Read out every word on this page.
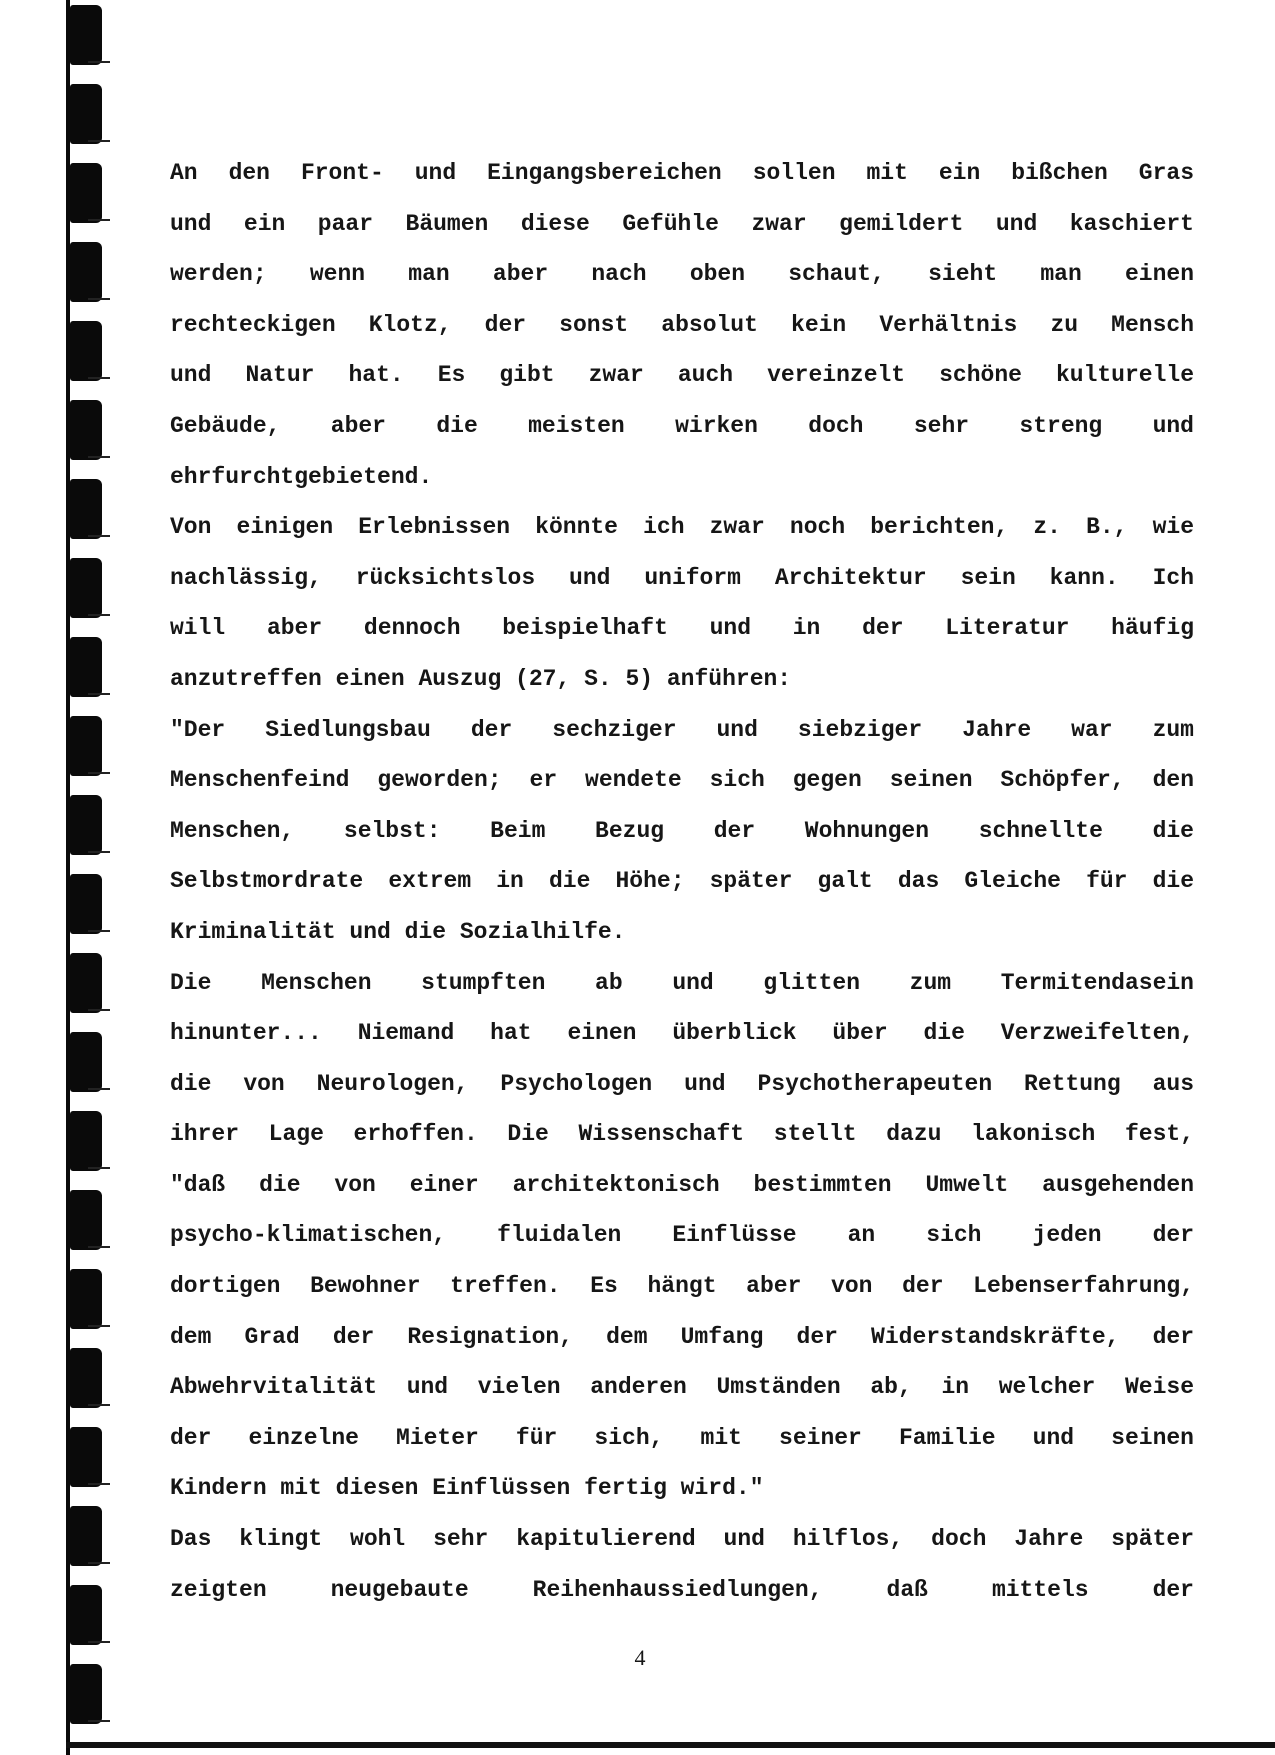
An den Front- und Eingangsbereichen sollen mit ein bißchen Gras
und ein paar Bäumen diese Gefühle zwar gemildert und kaschiert
werden; wenn man aber nach oben schaut, sieht man einen
rechteckigen Klotz, der sonst absolut kein Verhältnis zu Mensch
und Natur hat. Es gibt zwar auch vereinzelt schöne kulturelle
Gebäude, aber die meisten wirken doch sehr streng und
ehrfurchtgebietend.
Von einigen Erlebnissen könnte ich zwar noch berichten, z. B., wie
nachlässig, rücksichtslos und uniform Architektur sein kann. Ich
will aber dennoch beispielhaft und in der Literatur häufig
anzutreffen einen Auszug (27, S. 5) anführen:
"Der Siedlungsbau der sechziger und siebziger Jahre war zum
Menschenfeind geworden; er wendete sich gegen seinen Schöpfer, den
Menschen, selbst: Beim Bezug der Wohnungen schnellte die
Selbstmordrate extrem in die Höhe; später galt das Gleiche für die
Kriminalität und die Sozialhilfe.
Die Menschen stumpften ab und glitten zum Termitendasein
hinunter... Niemand hat einen überblick über die Verzweifelten,
die von Neurologen, Psychologen und Psychotherapeuten Rettung aus
ihrer Lage erhoffen. Die Wissenschaft stellt dazu lakonisch fest,
"daß die von einer architektonisch bestimmten Umwelt ausgehenden
psycho-klimatischen, fluidalen Einflüsse an sich jeden der
dortigen Bewohner treffen. Es hängt aber von der Lebenserfahrung,
dem Grad der Resignation, dem Umfang der Widerstandskräfte, der
Abwehrvitalität und vielen anderen Umständen ab, in welcher Weise
der einzelne Mieter für sich, mit seiner Familie und seinen
Kindern mit diesen Einflüssen fertig wird."
Das klingt wohl sehr kapitulierend und hilflos, doch Jahre später
zeigten neugebaute Reihenhaussiedlungen, daß mittels der
4
